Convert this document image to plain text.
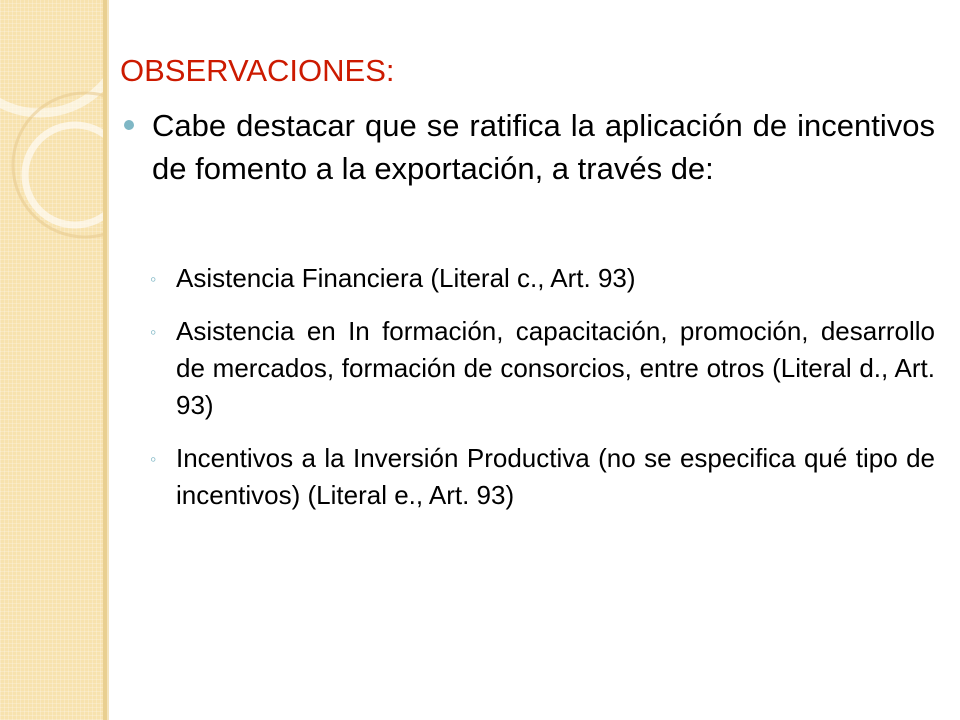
OBSERVACIONES:
Cabe destacar que se ratifica la aplicación de incentivos de fomento a la exportación, a través de:
◦ Asistencia Financiera (Literal c., Art. 93)
◦ Asistencia en In formación, capacitación, promoción, desarrollo de mercados, formación de consorcios, entre otros (Literal d., Art. 93)
◦ Incentivos a la Inversión Productiva (no se especifica qué tipo de incentivos) (Literal e., Art. 93)
